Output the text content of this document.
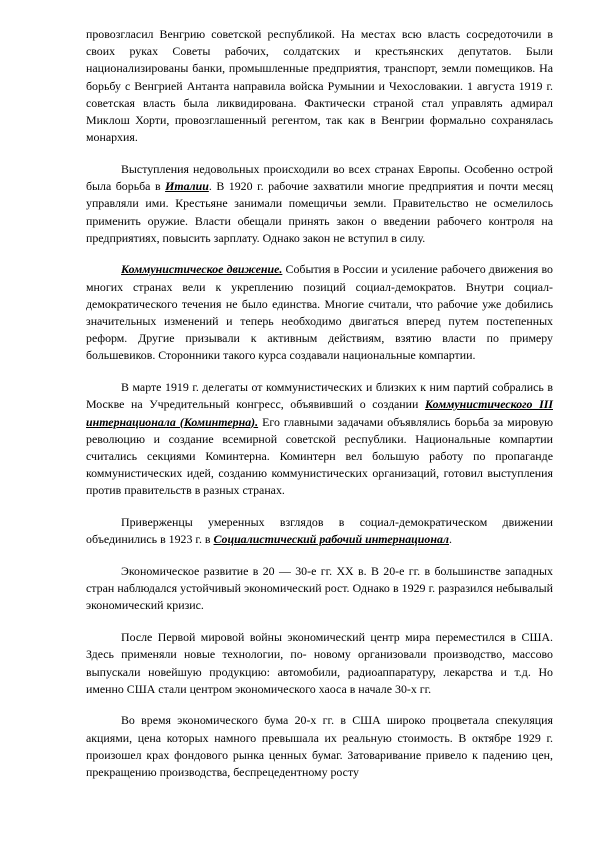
провозгласил Венгрию советской республикой. На местах всю власть сосредоточили в своих руках Советы рабочих, солдатских и крестьянских депутатов. Были национализированы банки, промышленные предприятия, транспорт, земли помещиков. На борьбу с Венгрией Антанта направила войска Румынии и Чехословакии. 1 августа 1919 г. советская власть была ликвидирована. Фактически страной стал управлять адмирал Миклош Хорти, провозглашенный регентом, так как в Венгрии формально сохранялась монархия.

Выступления недовольных происходили во всех странах Европы. Особенно острой была борьба в Италии. В 1920 г. рабочие захватили многие предприятия и почти месяц управляли ими. Крестьяне занимали помещичьи земли. Правительство не осмелилось применить оружие. Власти обещали принять закон о введении рабочего контроля на предприятиях, повысить зарплату. Однако закон не вступил в силу.

Коммунистическое движение. События в России и усиление рабочего движения во многих странах вели к укреплению позиций социал-демократов. Внутри социал-демократического течения не было единства. Многие считали, что рабочие уже добились значительных изменений и теперь необходимо двигаться вперед путем постепенных реформ. Другие призывали к активным действиям, взятию власти по примеру большевиков. Сторонники такого курса создавали национальные компартии.

В марте 1919 г. делегаты от коммунистических и близких к ним партий собрались в Москве на Учредительный конгресс, объявивший о создании Коммунистического III интернационала (Коминтерна). Его главными задачами объявлялись борьба за мировую революцию и создание всемирной советской республики. Национальные компартии считались секциями Коминтерна. Коминтерн вел большую работу по пропаганде коммунистических идей, созданию коммунистических организаций, готовил выступления против правительств в разных странах.

Приверженцы умеренных взглядов в социал-демократическом движении объединились в 1923 г. в Социалистический рабочий интернационал.

Экономическое развитие в 20 — 30-е гг. XX в. В 20-е гг. в большинстве западных стран наблюдался устойчивый экономический рост. Однако в 1929 г. разразился небывалый экономический кризис.

После Первой мировой войны экономический центр мира переместился в США. Здесь применяли новые технологии, по- новому организовали производство, массово выпускали новейшую продукцию: автомобили, радиоаппаратуру, лекарства и т.д. Но именно США стали центром экономического хаоса в начале 30-х гг.

Во время экономического бума 20-х гг. в США широко процветала спекуляция акциями, цена которых намного превышала их реальную стоимость. В октябре 1929 г. произошел крах фондового рынка ценных бумаг. Затоваривание привело к падению цен, прекращению производства, беспрецедентному росту
